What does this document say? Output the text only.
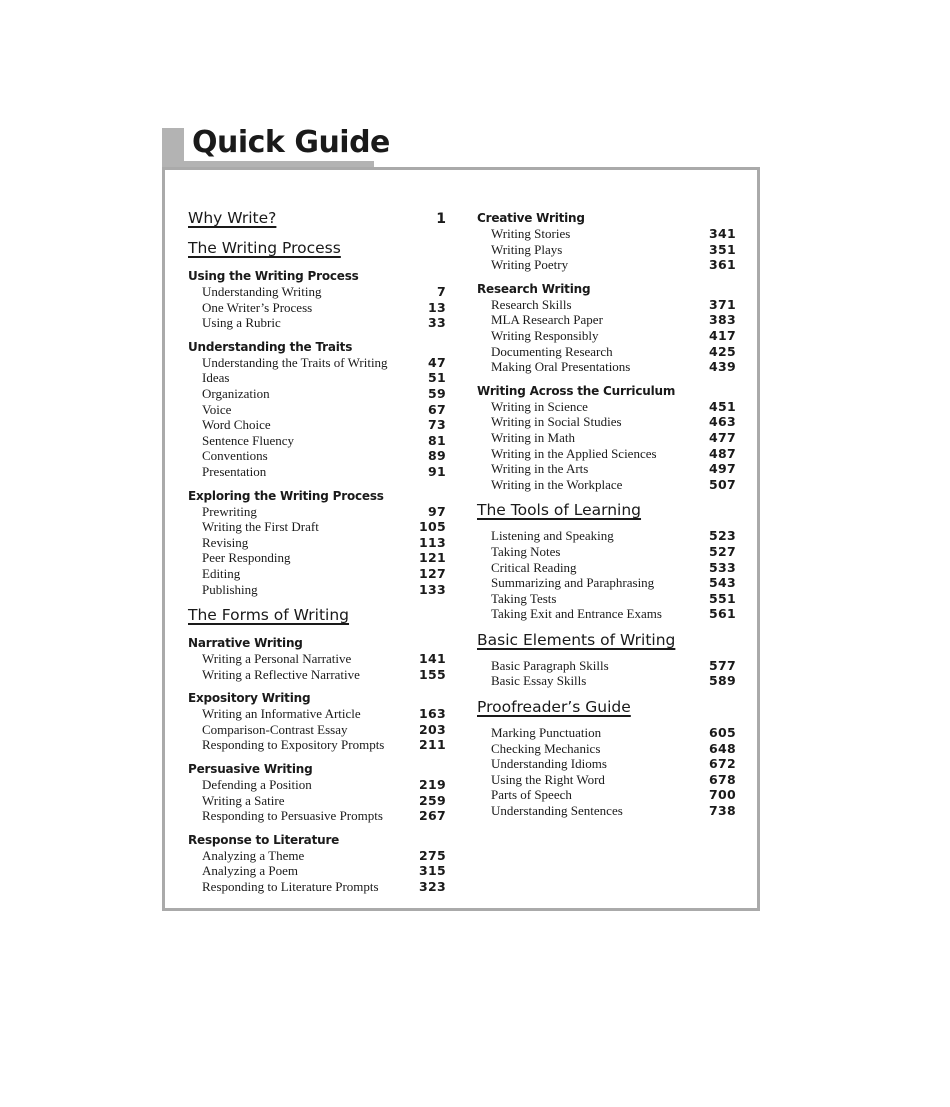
Quick Guide
Why Write?	1
The Writing Process
Using the Writing Process
Understanding Writing	7
One Writer’s Process	13
Using a Rubric	33
Understanding the Traits
Understanding the Traits of Writing	47
Ideas	51
Organization	59
Voice	67
Word Choice	73
Sentence Fluency	81
Conventions	89
Presentation	91
Exploring the Writing Process
Prewriting	97
Writing the First Draft	105
Revising	113
Peer Responding	121
Editing	127
Publishing	133
The Forms of Writing
Narrative Writing
Writing a Personal Narrative	141
Writing a Reflective Narrative	155
Expository Writing
Writing an Informative Article	163
Comparison-Contrast Essay	203
Responding to Expository Prompts	211
Persuasive Writing
Defending a Position	219
Writing a Satire	259
Responding to Persuasive Prompts	267
Response to Literature
Analyzing a Theme	275
Analyzing a Poem	315
Responding to Literature Prompts	323
Creative Writing
Writing Stories	341
Writing Plays	351
Writing Poetry	361
Research Writing
Research Skills	371
MLA Research Paper	383
Writing Responsibly	417
Documenting Research	425
Making Oral Presentations	439
Writing Across the Curriculum
Writing in Science	451
Writing in Social Studies	463
Writing in Math	477
Writing in the Applied Sciences	487
Writing in the Arts	497
Writing in the Workplace	507
The Tools of Learning
Listening and Speaking	523
Taking Notes	527
Critical Reading	533
Summarizing and Paraphrasing	543
Taking Tests	551
Taking Exit and Entrance Exams	561
Basic Elements of Writing
Basic Paragraph Skills	577
Basic Essay Skills	589
Proofreader’s Guide
Marking Punctuation	605
Checking Mechanics	648
Understanding Idioms	672
Using the Right Word	678
Parts of Speech	700
Understanding Sentences	738
